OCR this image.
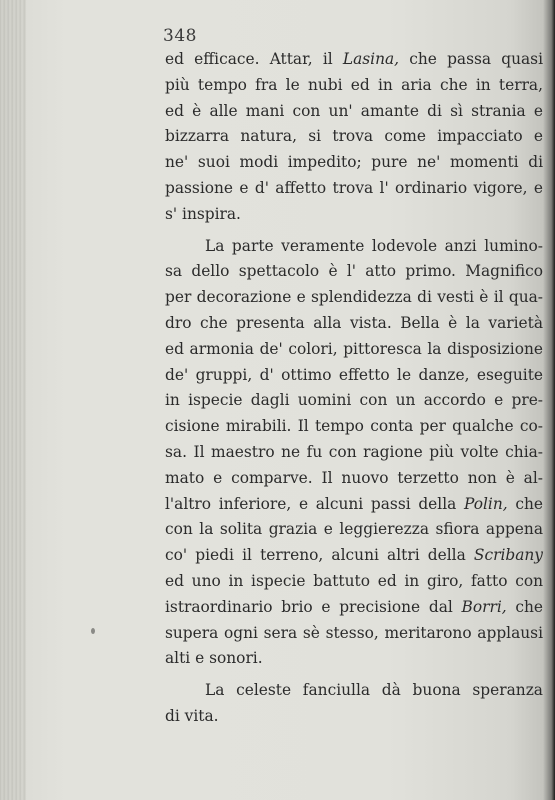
348
ed efficace. Attar, il Lasina, che passa quasi
più tempo fra le nubi ed in aria che in terra,
ed è alle mani con un' amante di sì strania e
bizzarra natura, si trova come impacciato e
ne' suoi modi impedito; pure ne' momenti di
passione e d' affetto trova l' ordinario vigore, e
s' inspira.
La parte veramente lodevole anzi lumino-
sa dello spettacolo è l' atto primo. Magnifico
per decorazione e splendidezza di vesti è il qua-
dro che presenta alla vista. Bella è la varietà
ed armonia de' colori, pittoresca la disposizione
de' gruppi, d' ottimo effetto le danze, eseguite
in ispecie dagli uomini con un accordo e pre-
cisione mirabili. Il tempo conta per qualche co-
sa. Il maestro ne fu con ragione più volte chia-
mato e comparve. Il nuovo terzetto non è al-
l'altro inferiore, e alcuni passi della Polin, che
con la solita grazia e leggierezza sfiora appena
co' piedi il terreno, alcuni altri della Scribany
ed uno in ispecie battuto ed in giro, fatto con
istraordinario brio e precisione dal Borri, che
supera ogni sera sè stesso, meritarono applausi
alti e sonori.
La celeste fanciulla dà buona speranza
di vita.
